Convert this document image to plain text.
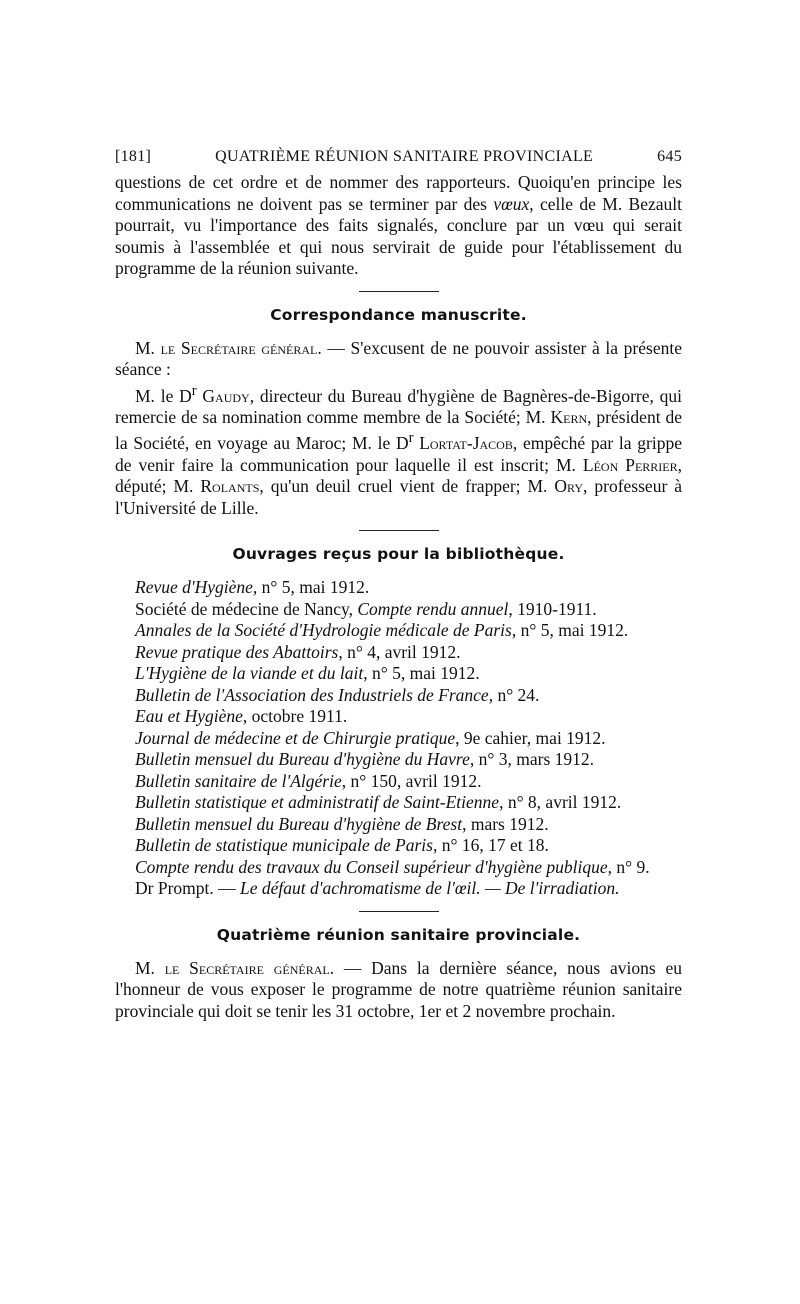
[181]	QUATRIÈME RÉUNION SANITAIRE PROVINCIALE	645

questions de cet ordre et de nommer des rapporteurs. Quoiqu'en principe les communications ne doivent pas se terminer par des vœux, celle de M. Bezault pourrait, vu l'importance des faits signalés, conclure par un vœu qui serait soumis à l'assemblée et qui nous servirait de guide pour l'établissement du programme de la réunion suivante.

Correspondance manuscrite.

M. le Secrétaire général. — S'excusent de ne pouvoir assister à la présente séance :

M. le $D^r$ Gaudy, directeur du Bureau d'hygiène de Bagnères-de-Bigorre, qui remercie de sa nomination comme membre de la Société; M. Kern, président de la Société, en voyage au Maroc; M. le $D^r$ Lortat-Jacob, empêché par la grippe de venir faire la communication pour laquelle il est inscrit; M. Léon Perrier, député; M. Rolants, qu'un deuil cruel vient de frapper; M. Ory, professeur à l'Université de Lille.

Ouvrages reçus pour la bibliothèque.

Revue d'Hygiène, n° 5, mai 1912.

Société de médecine de Nancy, Compte rendu annuel, 1910-1911.

Annales de la Société d'Hydrologie médicale de Paris, n° 5, mai 1912.

Revue pratique des Abattoirs, n° 4, avril 1912.

L'Hygiène de la viande et du lait, n° 5, mai 1912.

Bulletin de l'Association des Industriels de France, n° 24.

Eau et Hygiène, octobre 1911.

Journal de médecine et de Chirurgie pratique, 9e cahier, mai 1912.

Bulletin mensuel du Bureau d'hygiène du Havre, n° 3, mars 1912.

Bulletin sanitaire de l'Algérie, n° 150, avril 1912.

Bulletin statistique et administratif de Saint-Etienne, n° 8, avril 1912.

Bulletin mensuel du Bureau d'hygiène de Brest, mars 1912.

Bulletin de statistique municipale de Paris, n° 16, 17 et 18.

Compte rendu des travaux du Conseil supérieur d'hygiène publique, n° 9.

Dr Prompt. — Le défaut d'achromatisme de l'œil. — De l'irradiation.

Quatrième réunion sanitaire provinciale.

M. le Secrétaire général. — Dans la dernière séance, nous avions eu l'honneur de vous exposer le programme de notre quatrième réunion sanitaire provinciale qui doit se tenir les 31 octobre, 1er et 2 novembre prochain.
